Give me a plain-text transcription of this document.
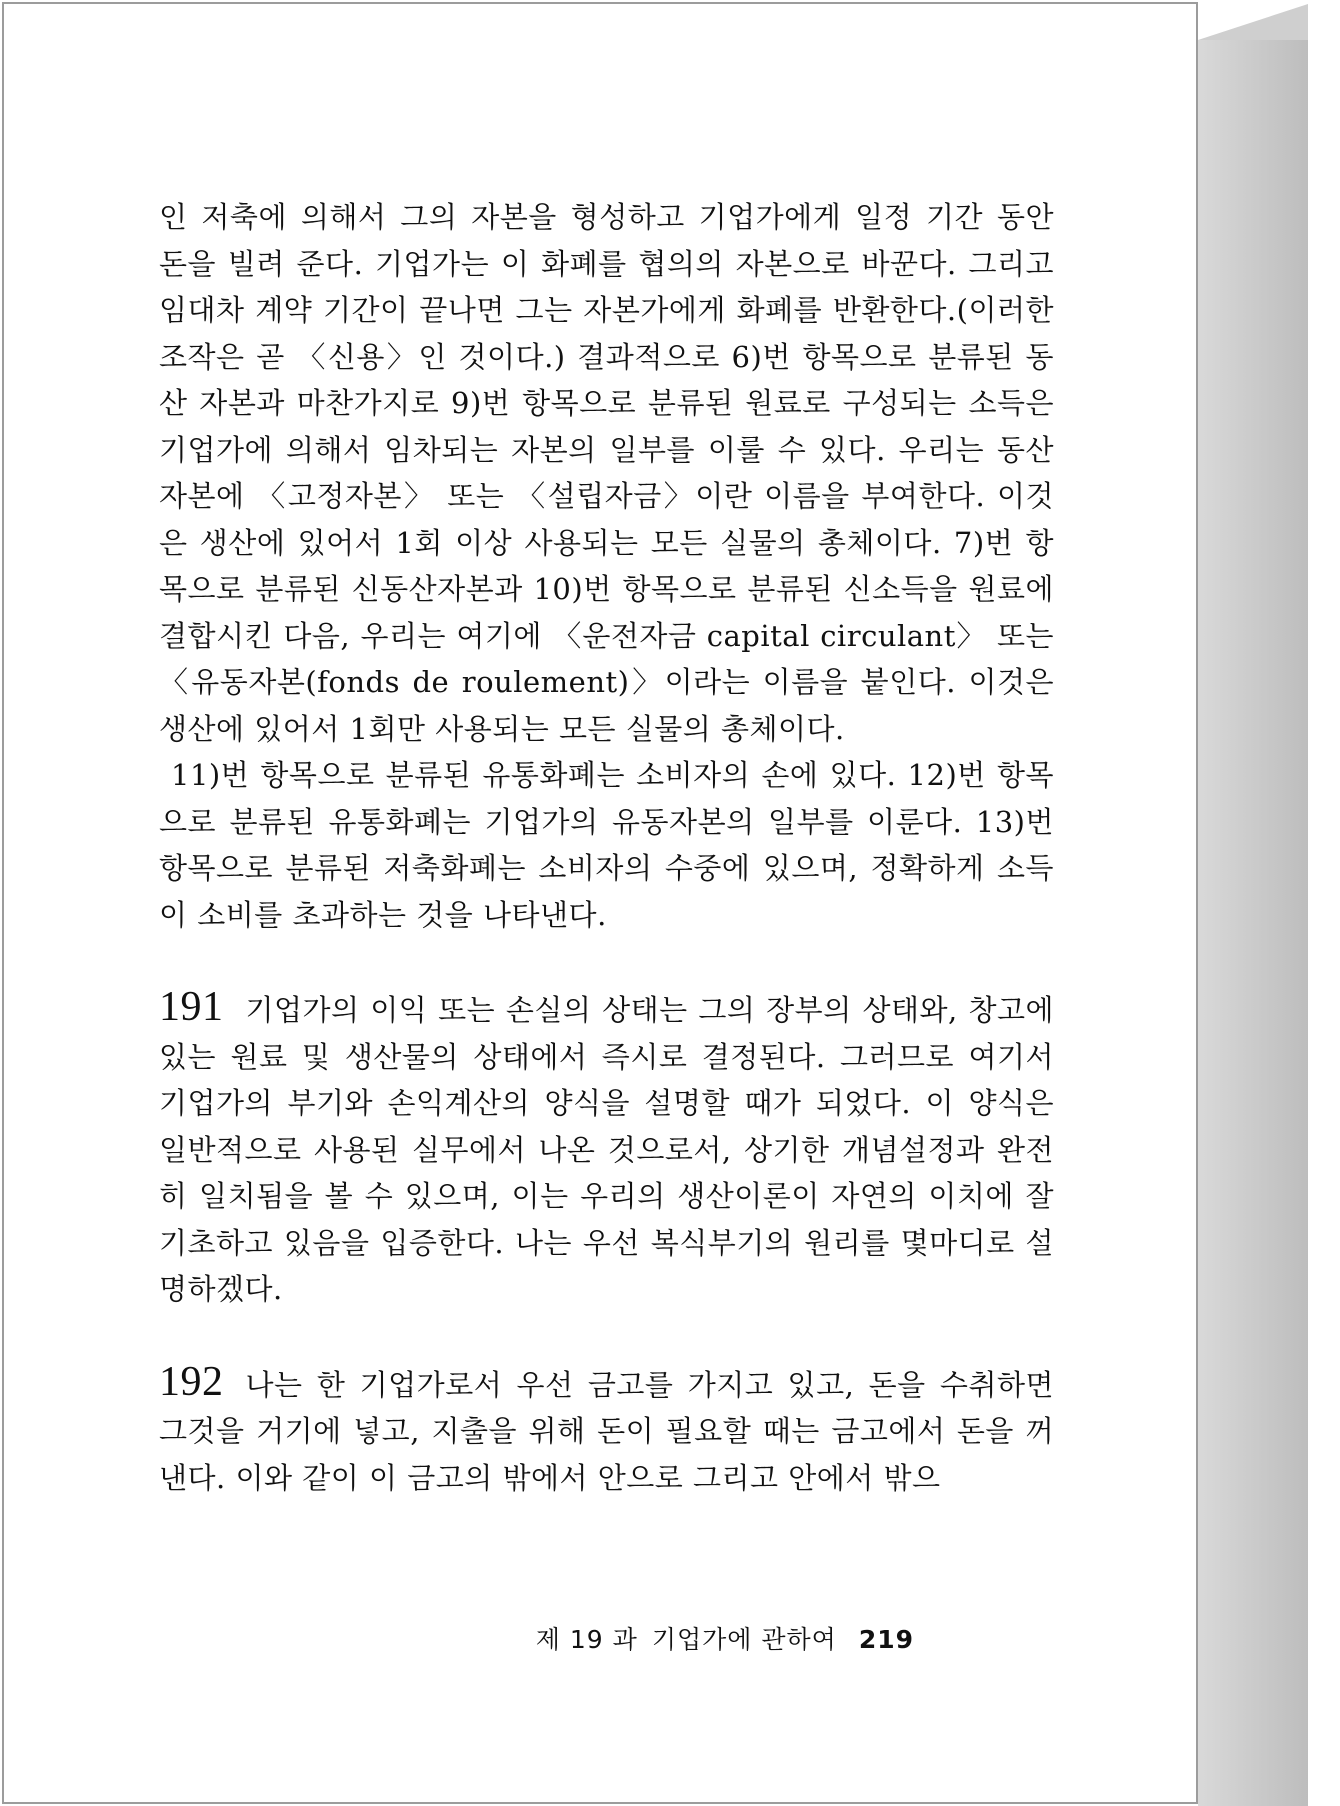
인 저축에 의해서 그의 자본을 형성하고 기업가에게 일정 기간 동안 돈을 빌려 준다. 기업가는 이 화폐를 협의의 자본으로 바꾼다. 그리고 임대차 계약 기간이 끝나면 그는 자본가에게 화폐를 반환한다.(이러한 조작은 곧 〈신용〉인 것이다.) 결과적으로 6)번 항목으로 분류된 동산 자본과 마찬가지로 9)번 항목으로 분류된 원료로 구성되는 소득은 기업가에 의해서 임차되는 자본의 일부를 이룰 수 있다. 우리는 동산자본에 〈고정자본〉 또는 〈설립자금〉이란 이름을 부여한다. 이것은 생산에 있어서 1회 이상 사용되는 모든 실물의 총체이다. 7)번 항목으로 분류된 신동산자본과 10)번 항목으로 분류된 신소득을 원료에 결합시킨 다음, 우리는 여기에 〈운전자금 capital circulant〉 또는 〈유동자본(fonds de roulement)〉이라는 이름을 붙인다. 이것은 생산에 있어서 1회만 사용되는 모든 실물의 총체이다.

11)번 항목으로 분류된 유통화폐는 소비자의 손에 있다. 12)번 항목으로 분류된 유통화폐는 기업가의 유동자본의 일부를 이룬다. 13)번 항목으로 분류된 저축화폐는 소비자의 수중에 있으며, 정확하게 소득이 소비를 초과하는 것을 나타낸다.

191 기업가의 이익 또는 손실의 상태는 그의 장부의 상태와, 창고에 있는 원료 및 생산물의 상태에서 즉시로 결정된다. 그러므로 여기서 기업가의 부기와 손익계산의 양식을 설명할 때가 되었다. 이 양식은 일반적으로 사용된 실무에서 나온 것으로서, 상기한 개념설정과 완전히 일치됨을 볼 수 있으며, 이는 우리의 생산이론이 자연의 이치에 잘 기초하고 있음을 입증한다. 나는 우선 복식부기의 원리를 몇마디로 설명하겠다.

192 나는 한 기업가로서 우선 금고를 가지고 있고, 돈을 수취하면 그것을 거기에 넣고, 지출을 위해 돈이 필요할 때는 금고에서 돈을 꺼낸다. 이와 같이 이 금고의 밖에서 안으로 그리고 안에서 밖으

제 19 과 기업가에 관하여 219
